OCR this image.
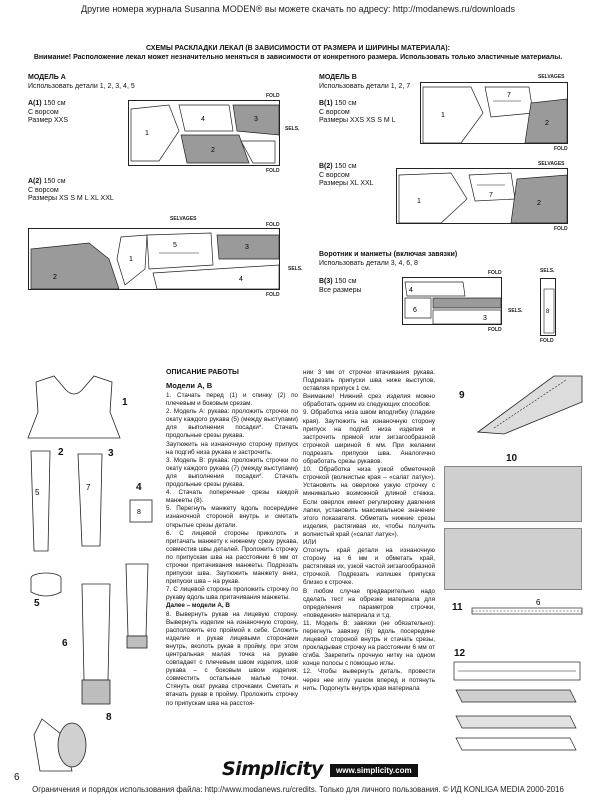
Другие номера журнала Susanna MODEN® вы можете скачать по адресу: http://modanews.ru/downloads
СХЕМЫ РАСКЛАДКИ ЛЕКАЛ (В ЗАВИСИМОСТИ ОТ РАЗМЕРА И ШИРИНЫ МАТЕРИАЛА):
Внимание! Расположение лекал может незначительно меняться в зависимости от конкретного размера. Использовать только эластичные материалы.
МОДЕЛЬ А
Использовать детали 1, 2, 3, 4, 5
A(1) 150 см
С ворсом
Размер XXS	4	3
2
1
FOLD
SELS.
FOLD
A(2) 150 см
С ворсом
Размеры XS S M L XL XXL
SELVAGES
FOLD
5
2
3
4
1
SELS.
FOLD
МОДЕЛЬ B
Использовать детали 1, 2, 7
SELVAGES
B(1) 150 см
С ворсом
Размеры XXS XS S M L
1
7
2
FOLD
B(2) 150 см
С ворсом
Размеры XL XXL
SELVAGES
1
7
2
FOLD
Воротник и манжеты (включая завязки)
Использовать детали 3, 4, 6, 8
B(3) 150 см
Все размеры
FOLD
4
6
3
SELS.
FOLD
SELS.
8
FOLD
1
5
2
7
3
4
8
5
6
8
ОПИСАНИЕ РАБОТЫ
Модели А, В

1. Стачать перед (1) и спинку (2) по плечевым и боковым срезам.

2. Модель А: рукава: проложить строчки по окату каждого рукава (5) (между выступами) для выполнения посадки*. Стачать продольные срезы рукава.

Заутюжить на изнаночную сторону припуск на подгиб низа рукава и застрочить.

3. Модель В: рукава: проложить строчки по окату каждого рукава (7) (между выступами) для выполнения посадки*. Стачать продольные срезы рукава.

4. Стачать поперечные срезы каждой манжеты (8).

5. Перегнуть манжету вдоль посередине изнаночной стороной внутрь и сметать открытые срезы детали.

6. С лицевой стороны приколоть и притачать манжету к нижнему срезу рукава, совместив швы деталей. Проложить строчку по припускам шва на расстоянии 6 мм от строчки притачивания манжеты. Подрезать припуски шва. Заутюжить манжету вниз, припуски шва – на рукав.

7. С лицевой стороны проложить строчку по рукаву вдоль шва притачивания манжеты.

Далее – модели А, В

8. Вывернуть рукав на лицевую сторону. Вывернуть изделие на изнаночную сторону, расположить его проймой к себе. Сложить изделие и рукав лицевыми сторонами внутрь, вколоть рукав в пройму, при этом центральная малая точка на рукаве совпадает с плечевым швом изделия, шов рукава – с боковым швом изделия; совместить остальные малые точки. Стянуть окат рукава строчками. Сметать и втачать рукав в пройму. Проложить строчку по припускам шва на расстоя-

нии 3 мм от строчки втачивания рукава. Подрезать припуски шва ниже выступов, оставляя припуск 1 см.

Внимание! Нижний срез изделия можно обработать одним из следующих способов:

9. Обработка низа швом вподгибку (гладкие края). Заутюжить на изнаночную сторону припуск на подгиб низа изделия и застрочить прямой или зигзагообразной строчкой шириной 6 мм. При желании подрезать припуски шва. Аналогично обработать срезы рукавов.

10. Обработка низа узкой обметочной строчкой (волнистые края – «салат латук»). Установить на оверлоке узкую строчку с минимально возможной длиной стежка. Если оверлок имеет регулировку давления лапки, установить максимальное значение этого показателя. Обметать нижние срезы изделия, растягивая их, чтобы получить волнистый край («салат латук»).

ИЛИ

Отогнуть край детали на изнаночную сторону на 6 мм и обметать край, растягивая их, узкой частой зигзагообразной строчкой. Подрезать излишек припуска близко к строчке.

В любом случае предварительно надо сделать тест на обрезке материала для определения параметров строчки, «поведения» материала и т.д.

11. Модель В: завязки (не обязательно): перегнуть завязку (6) вдоль посередине лицевой стороной внутрь и стачать срезы, прокладывая строчку на расстоянии 6 мм от сгиба. Закрепить прочную нитку на одном конце полосы с помощью иглы.

12. Чтобы вывернуть деталь, провести через нее иглу ушком вперед и потянуть нить. Подогнуть внутрь края материала

9
10
11	6
12
6	Simplicity	www.simplicity.com
Ограничения и порядок использования файла: http://www.modanews.ru/credits. Только для личного пользования. © ИД KONLIGA MEDIA 2000-2016
